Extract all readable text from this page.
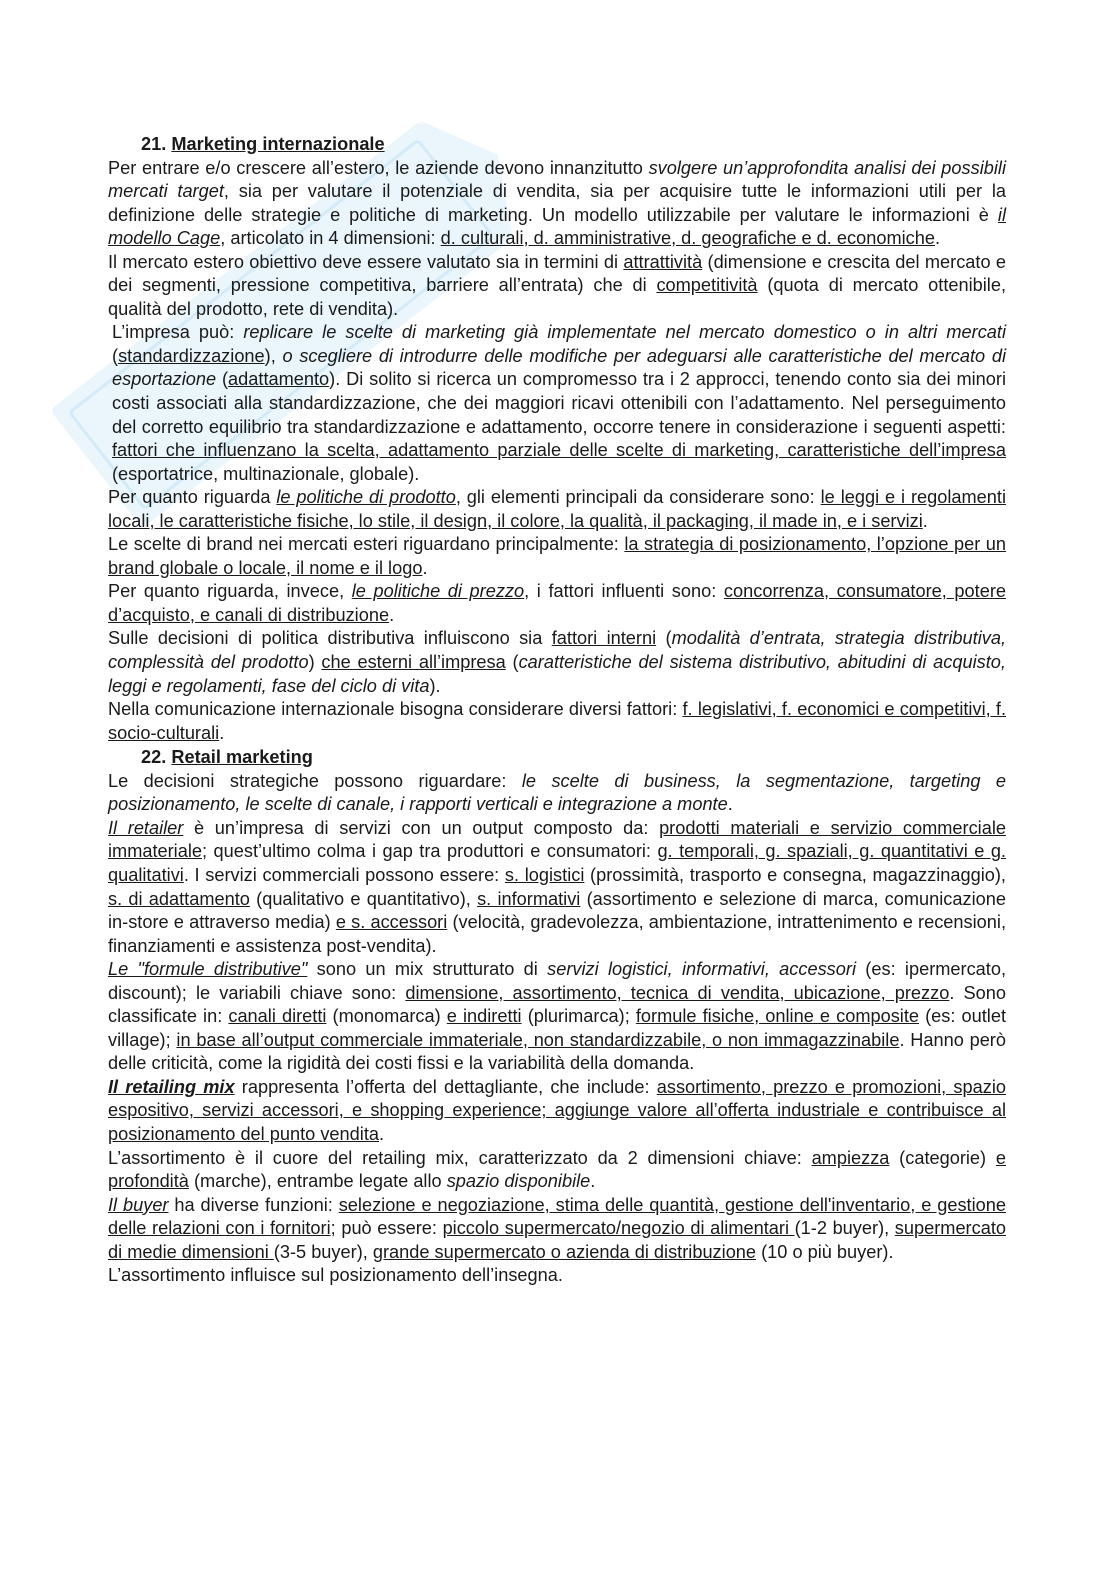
21. Marketing internazionale

Per entrare e/o crescere all’estero, le aziende devono innanzitutto svolgere un’approfondita analisi dei possibili mercati target, sia per valutare il potenziale di vendita, sia per acquisire tutte le informazioni utili per la definizione delle strategie e politiche di marketing. Un modello utilizzabile per valutare le informazioni è il modello Cage, articolato in 4 dimensioni: d. culturali, d. amministrative, d. geografiche e d. economiche.

Il mercato estero obiettivo deve essere valutato sia in termini di attrattività (dimensione e crescita del mercato e dei segmenti, pressione competitiva, barriere all’entrata) che di competitività (quota di mercato ottenibile, qualità del prodotto, rete di vendita).

L’impresa può: replicare le scelte di marketing già implementate nel mercato domestico o in altri mercati (standardizzazione), o scegliere di introdurre delle modifiche per adeguarsi alle caratteristiche del mercato di esportazione (adattamento). Di solito si ricerca un compromesso tra i 2 approcci, tenendo conto sia dei minori costi associati alla standardizzazione, che dei maggiori ricavi ottenibili con l’adattamento. Nel perseguimento del corretto equilibrio tra standardizzazione e adattamento, occorre tenere in considerazione i seguenti aspetti: fattori che influenzano la scelta, adattamento parziale delle scelte di marketing, caratteristiche dell’impresa (esportatrice, multinazionale, globale).

Per quanto riguarda le politiche di prodotto, gli elementi principali da considerare sono: le leggi e i regolamenti locali, le caratteristiche fisiche, lo stile, il design, il colore, la qualità, il packaging, il made in, e i servizi.

Le scelte di brand nei mercati esteri riguardano principalmente: la strategia di posizionamento, l’opzione per un brand globale o locale, il nome e il logo.

Per quanto riguarda, invece, le politiche di prezzo, i fattori influenti sono: concorrenza, consumatore, potere d’acquisto, e canali di distribuzione.

Sulle decisioni di politica distributiva influiscono sia fattori interni (modalità d’entrata, strategia distributiva, complessità del prodotto) che esterni all’impresa (caratteristiche del sistema distributivo, abitudini di acquisto, leggi e regolamenti, fase del ciclo di vita).

Nella comunicazione internazionale bisogna considerare diversi fattori: f. legislativi, f. economici e competitivi, f. socio-culturali.

22. Retail marketing

Le decisioni strategiche possono riguardare: le scelte di business, la segmentazione, targeting e posizionamento, le scelte di canale, i rapporti verticali e integrazione a monte.

Il retailer è un’impresa di servizi con un output composto da: prodotti materiali e servizio commerciale immateriale; quest’ultimo colma i gap tra produttori e consumatori: g. temporali, g. spaziali, g. quantitativi e g. qualitativi. I servizi commerciali possono essere: s. logistici (prossimità, trasporto e consegna, magazzinaggio), s. di adattamento (qualitativo e quantitativo), s. informativi (assortimento e selezione di marca, comunicazione in-store e attraverso media) e s. accessori (velocità, gradevolezza, ambientazione, intrattenimento e recensioni, finanziamenti e assistenza post-vendita).

Le "formule distributive" sono un mix strutturato di servizi logistici, informativi, accessori (es: ipermercato, discount); le variabili chiave sono: dimensione, assortimento, tecnica di vendita, ubicazione, prezzo. Sono classificate in: canali diretti (monomarca) e indiretti (plurimarca); formule fisiche, online e composite (es: outlet village); in base all’output commerciale immateriale, non standardizzabile, o non immagazzinabile. Hanno però delle criticità, come la rigidità dei costi fissi e la variabilità della domanda.

Il retailing mix rappresenta l’offerta del dettagliante, che include: assortimento, prezzo e promozioni, spazio espositivo, servizi accessori, e shopping experience; aggiunge valore all’offerta industriale e contribuisce al posizionamento del punto vendita.

L’assortimento è il cuore del retailing mix, caratterizzato da 2 dimensioni chiave: ampiezza (categorie) e profondità (marche), entrambe legate allo spazio disponibile.

Il buyer ha diverse funzioni: selezione e negoziazione, stima delle quantità, gestione dell'inventario, e gestione delle relazioni con i fornitori; può essere: piccolo supermercato/negozio di alimentari (1-2 buyer), supermercato di medie dimensioni (3-5 buyer), grande supermercato o azienda di distribuzione (10 o più buyer).

L’assortimento influisce sul posizionamento dell’insegna.
